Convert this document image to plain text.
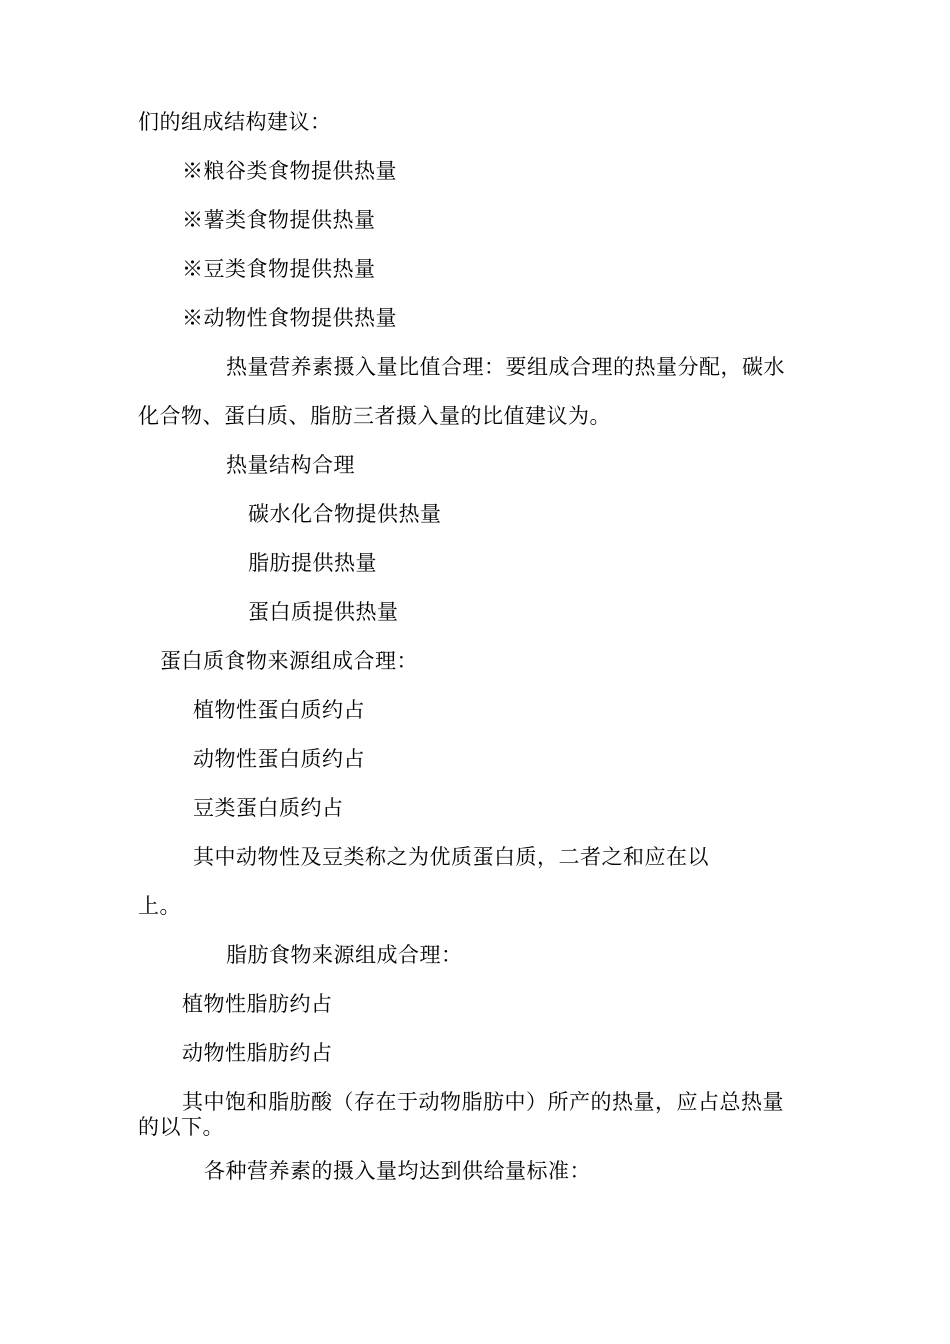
们的组成结构建议：

※粮谷类食物提供热量

※薯类食物提供热量

※豆类食物提供热量

※动物性食物提供热量

热量营养素摄入量比值合理：要组成合理的热量分配，碳水

化合物、蛋白质、脂肪三者摄入量的比值建议为。

热量结构合理

碳水化合物提供热量

脂肪提供热量

蛋白质提供热量

蛋白质食物来源组成合理：

植物性蛋白质约占

动物性蛋白质约占

豆类蛋白质约占

其中动物性及豆类称之为优质蛋白质，二者之和应在以

上。

脂肪食物来源组成合理：

植物性脂肪约占

动物性脂肪约占

其中饱和脂肪酸（存在于动物脂肪中）所产的热量，应占总热量

的以下。

各种营养素的摄入量均达到供给量标准：
